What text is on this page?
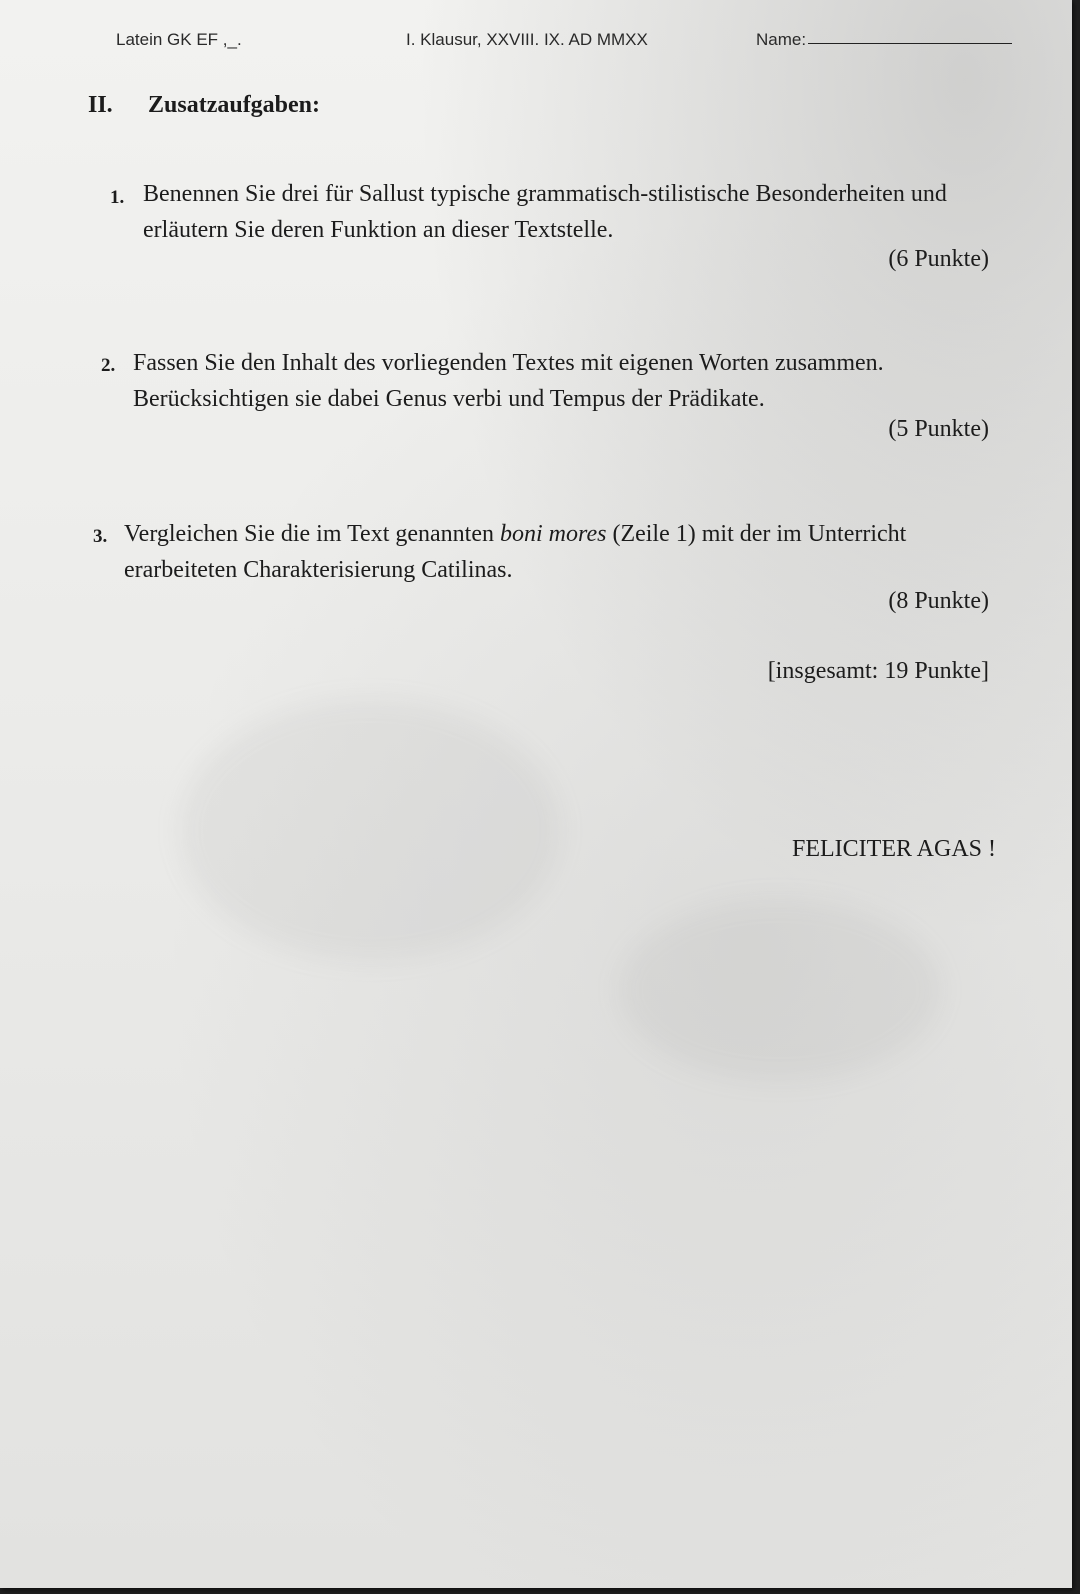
Latein GK EF ,_.	I. Klausur, XXVIII. IX. AD MMXX	Name:
II. Zusatzaufgaben:
1. Benennen Sie drei für Sallust typische grammatisch-stilistische Besonderheiten und
erläutern Sie deren Funktion an dieser Textstelle.
(6 Punkte)
2. Fassen Sie den Inhalt des vorliegenden Textes mit eigenen Worten zusammen.
Berücksichtigen sie dabei Genus verbi und Tempus der Prädikate.
(5 Punkte)
3. Vergleichen Sie die im Text genannten boni mores (Zeile 1) mit der im Unterricht
erarbeiteten Charakterisierung Catilinas.
(8 Punkte)
[insgesamt: 19 Punkte]
FELICITER AGAS !
